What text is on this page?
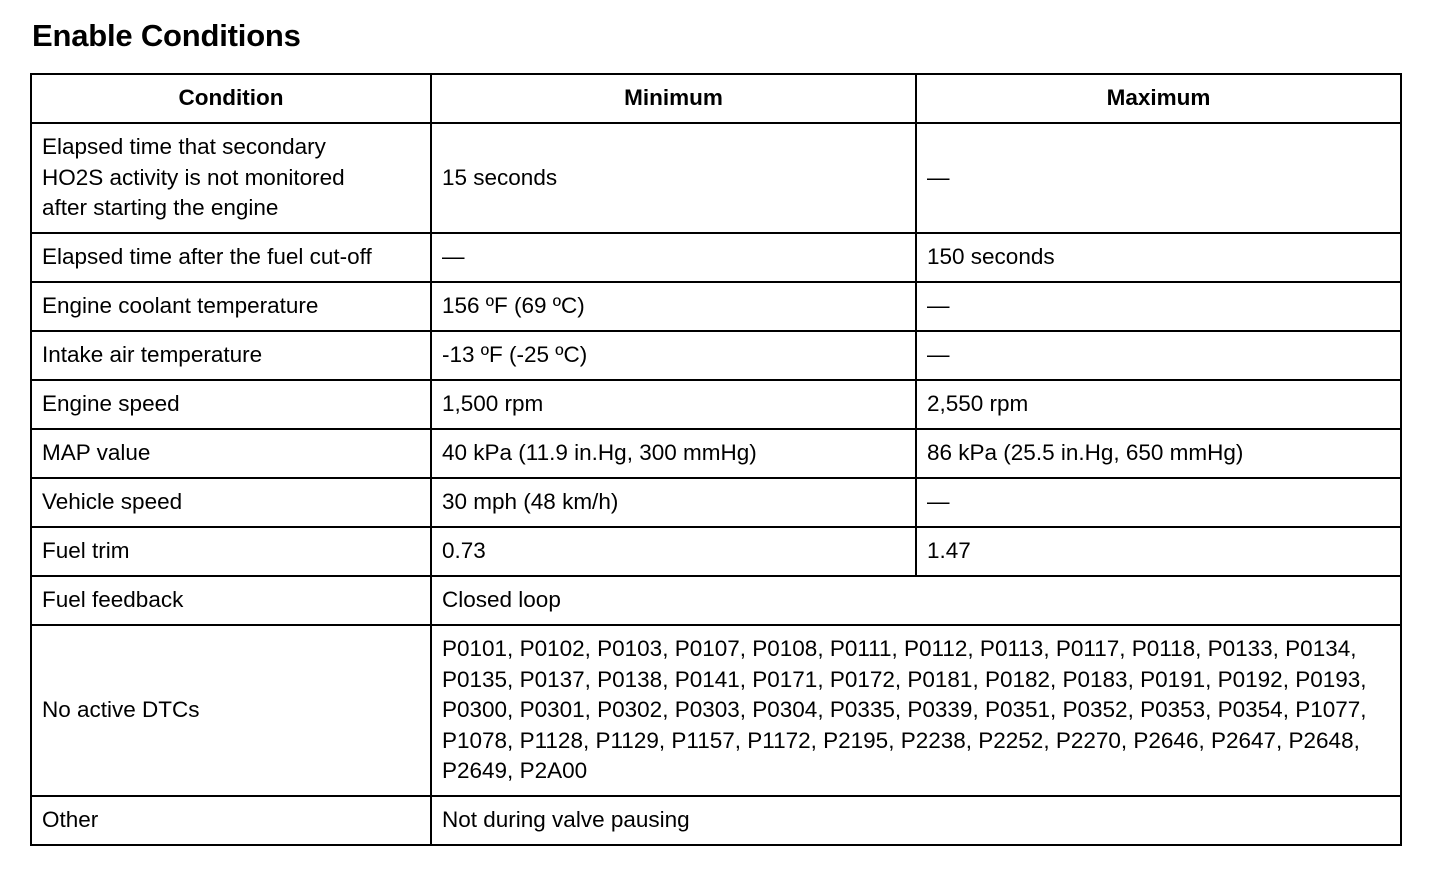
Enable Conditions
Condition	Minimum	Maximum
Elapsed time that secondary HO2S activity is not monitored after starting the engine	15 seconds	—
Elapsed time after the fuel cut-off	—	150 seconds
Engine coolant temperature	156 ºF (69 ºC)	—
Intake air temperature	-13 ºF (-25 ºC)	—
Engine speed	1,500 rpm	2,550 rpm
MAP value	40 kPa (11.9 in.Hg, 300 mmHg)	86 kPa (25.5 in.Hg, 650 mmHg)
Vehicle speed	30 mph (48 km/h)	—
Fuel trim	0.73	1.47
Fuel feedback	Closed loop	
No active DTCs	P0101, P0102, P0103, P0107, P0108, P0111, P0112, P0113, P0117, P0118, P0133, P0134, P0135, P0137, P0138, P0141, P0171, P0172, P0181, P0182, P0183, P0191, P0192, P0193, P0300, P0301, P0302, P0303, P0304, P0335, P0339, P0351, P0352, P0353, P0354, P1077, P1078, P1128, P1129, P1157, P1172, P2195, P2238, P2252, P2270, P2646, P2647, P2648, P2649, P2A00	
Other	Not during valve pausing	
